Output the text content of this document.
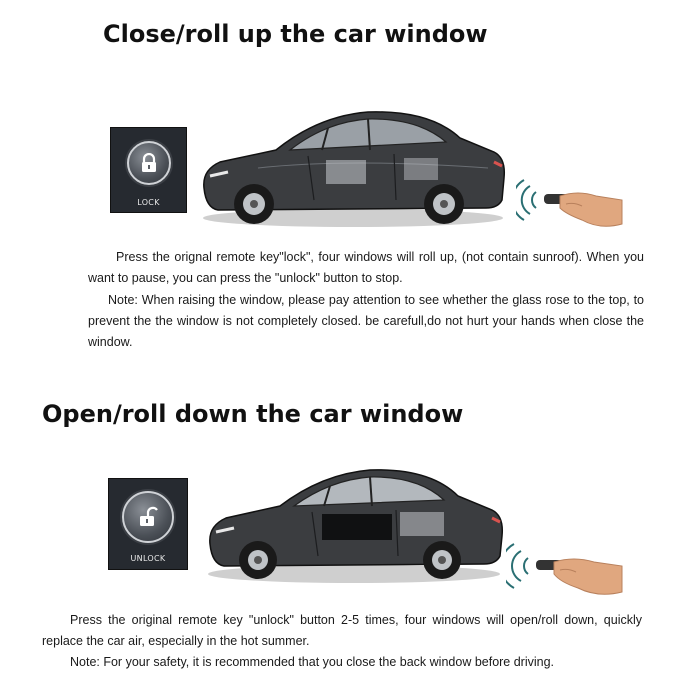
Close/roll up the car window
LOCK

Press the orignal remote key"lock", four windows will roll up, (not contain sunroof). When you want to pause, you can press the "unlock" button to stop.

Note: When raising the window, please pay attention to see whether the glass rose to the top, to prevent the the window is not completely closed. be carefull,do not hurt your hands when close the window.

Open/roll down the car window
UNLOCK

Press the original remote key "unlock" button 2-5 times, four windows will open/roll down, quickly replace the car air, especially in the hot summer.

Note: For your safety, it is recommended that you close the back window before driving.
